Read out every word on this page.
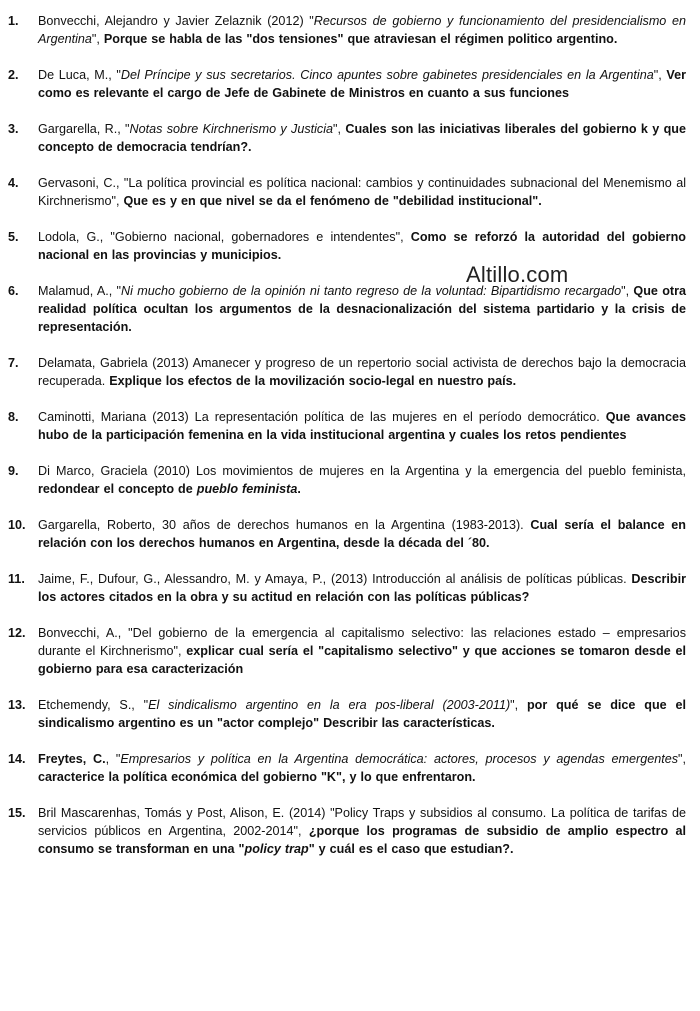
Altillo.com
1.	Bonvecchi, Alejandro y Javier Zelaznik (2012) "Recursos de gobierno y funcionamiento del presidencialismo en Argentina", Porque se habla de las "dos tensiones" que atraviesan el régimen politico argentino.
2.	De Luca, M., "Del Príncipe y sus secretarios. Cinco apuntes sobre gabinetes presidenciales en la Argentina", Ver como es relevante el cargo de Jefe de Gabinete de Ministros en cuanto a sus funciones
3.	Gargarella, R., "Notas sobre Kirchnerismo y Justicia", Cuales son las iniciativas liberales del gobierno k y que concepto de democracia tendrían?.
4.	Gervasoni, C., "La política provincial es política nacional: cambios y continuidades subnacional del Menemismo al Kirchnerismo", Que es y en que nivel se da el fenómeno de "debilidad institucional".
5.	Lodola, G., "Gobierno nacional, gobernadores e intendentes", Como se reforzó la autoridad del gobierno nacional en las provincias y municipios.
6.	Malamud, A., "Ni mucho gobierno de la opinión ni tanto regreso de la voluntad: Bipartidismo recargado", Que otra realidad política ocultan los argumentos de la desnacionalización del sistema partidario y la crisis de representación.
7.	Delamata, Gabriela (2013) Amanecer y progreso de un repertorio social activista de derechos bajo la democracia recuperada. Explique los efectos de la movilización socio-legal en nuestro país.
8.	Caminotti, Mariana (2013) La representación política de las mujeres en el período democrático. Que avances hubo de la participación femenina en la vida institucional argentina y cuales los retos pendientes
9.	Di Marco, Graciela (2010) Los movimientos de mujeres en la Argentina y la emergencia del pueblo feminista, redondear el concepto de pueblo feminista.
10. Gargarella, Roberto, 30 años de derechos humanos en la Argentina (1983-2013). Cual sería el balance en relación con los derechos humanos en Argentina, desde la década del ´80.
11.	Jaime, F., Dufour, G., Alessandro, M. y Amaya, P., (2013) Introducción al análisis de políticas públicas. Describir los actores citados en la obra y su actitud en relación con las políticas públicas?
12. Bonvecchi, A., "Del gobierno de la emergencia al capitalismo selectivo: las relaciones estado – empresarios durante el Kirchnerismo", explicar cual sería el "capitalismo selectivo" y que acciones se tomaron desde el gobierno para esa caracterización
13. Etchemendy, S., "El sindicalismo argentino en la era pos-liberal (2003-2011)", por qué se dice que el sindicalismo argentino es un "actor complejo" Describir las características.
14. Freytes, C., "Empresarios y política en la Argentina democrática: actores, procesos y agendas emergentes", caracterice la política económica del gobierno "K", y lo que enfrentaron.
15. Bril Mascarenhas, Tomás y Post, Alison, E. (2014) "Policy Traps y subsidios al consumo. La política de tarifas de servicios públicos en Argentina, 2002-2014", ¿porque los programas de subsidio de amplio espectro al consumo se transforman en una "policy trap" y cuál es el caso que estudian?.
